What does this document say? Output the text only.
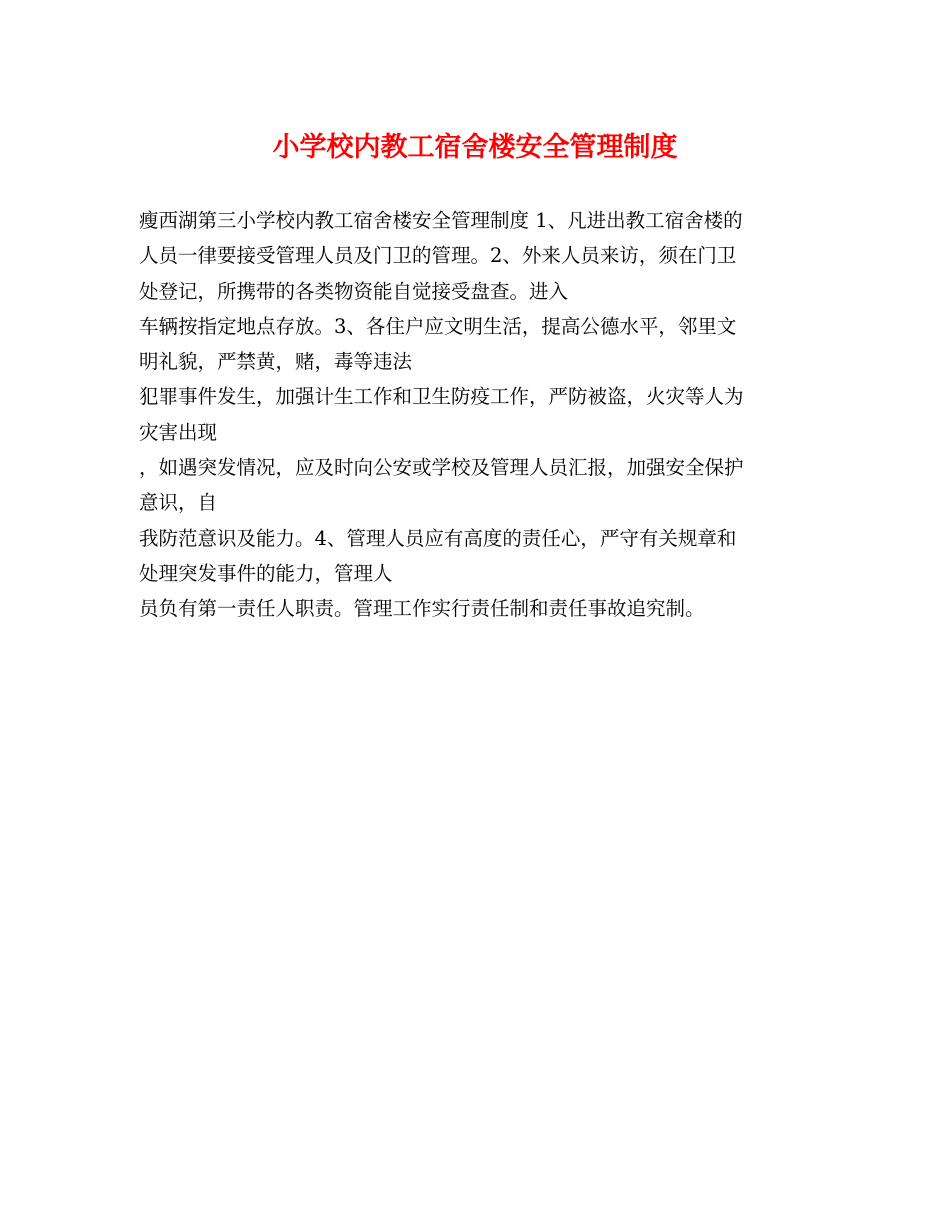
小学校内教工宿舍楼安全管理制度
瘦西湖第三小学校内教工宿舍楼安全管理制度 1、凡进出教工宿舍楼的
人员一律要接受管理人员及门卫的管理。2、外来人员来访，须在门卫
处登记，所携带的各类物资能自觉接受盘查。进入
车辆按指定地点存放。3、各住户应文明生活，提高公德水平，邻里文
明礼貌，严禁黄，赌，毒等违法
犯罪事件发生，加强计生工作和卫生防疫工作，严防被盗，火灾等人为
灾害出现
，如遇突发情况，应及时向公安或学校及管理人员汇报，加强安全保护
意识，自
我防范意识及能力。4、管理人员应有高度的责任心，严守有关规章和
处理突发事件的能力，管理人
员负有第一责任人职责。管理工作实行责任制和责任事故追究制。
